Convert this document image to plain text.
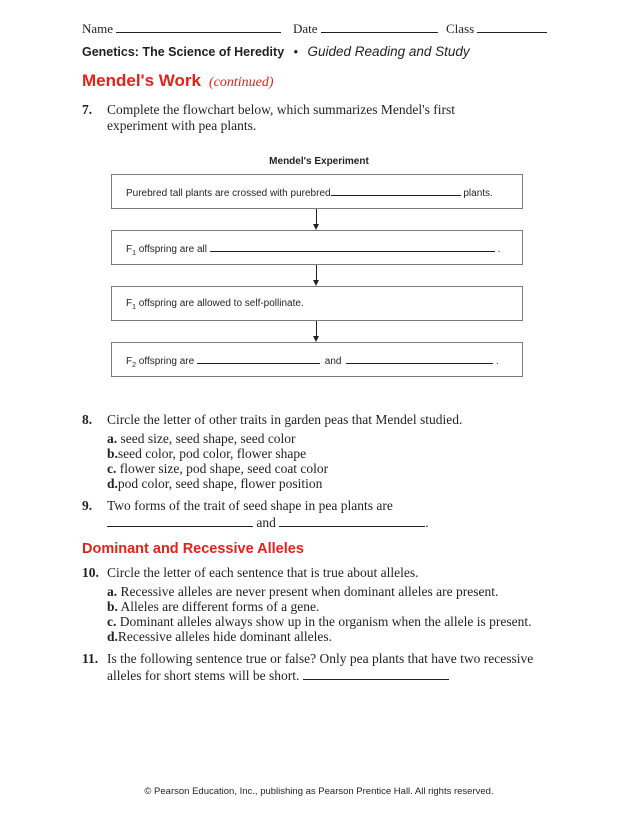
Name	Date	Class
Genetics: The Science of Heredity • Guided Reading and Study
Mendel's Work (continued)
7. Complete the flowchart below, which summarizes Mendel's first
experiment with pea plants.
Mendel's Experiment
Purebred tall plants are crossed with purebred	plants.
$F_1$ offspring are all	.
$F_1$ offspring are allowed to self-pollinate.
$F_2$ offspring are	and	.
8. Circle the letter of other traits in garden peas that Mendel studied.
a. seed size, seed shape, seed color
b.seed color, pod color, flower shape
c. flower size, pod shape, seed coat color
d.pod color, seed shape, flower position
9. Two forms of the trait of seed shape in pea plants are
and	.
Dominant and Recessive Alleles
10. Circle the letter of each sentence that is true about alleles.
a. Recessive alleles are never present when dominant alleles are present.
b. Alleles are different forms of a gene.
c. Dominant alleles always show up in the organism when the allele is present.
d.Recessive alleles hide dominant alleles.
11. Is the following sentence true or false? Only pea plants that have two recessive
alleles for short stems will be short.
© Pearson Education, Inc., publishing as Pearson Prentice Hall. All rights reserved.
